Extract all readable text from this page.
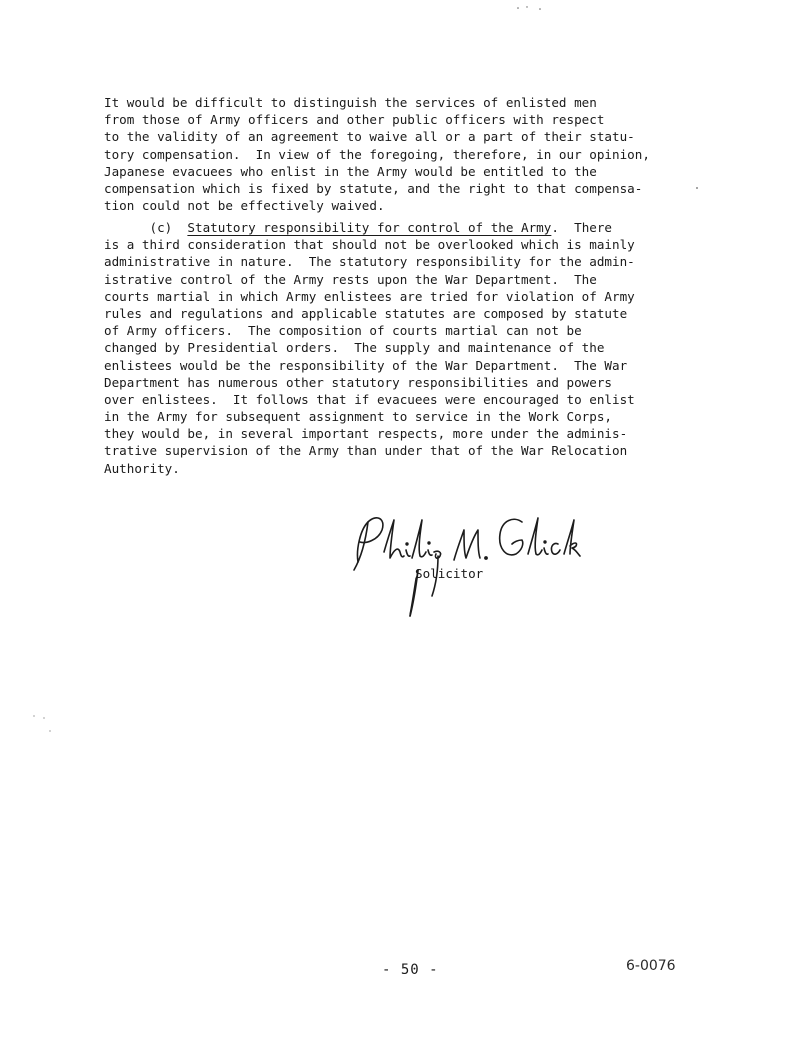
It would be difficult to distinguish the services of enlisted men
from those of Army officers and other public officers with respect
to the validity of an agreement to waive all or a part of their statu-
tory compensation.  In view of the foregoing, therefore, in our opinion,
Japanese evacuees who enlist in the Army would be entitled to the
compensation which is fixed by statute, and the right to that compensa-
tion could not be effectively waived.
(c)  Statutory responsibility for control of the Army.  There
is a third consideration that should not be overlooked which is mainly
administrative in nature.  The statutory responsibility for the admin-
istrative control of the Army rests upon the War Department.  The
courts martial in which Army enlistees are tried for violation of Army
rules and regulations and applicable statutes are composed by statute
of Army officers.  The composition of courts martial can not be
changed by Presidential orders.  The supply and maintenance of the
enlistees would be the responsibility of the War Department.  The War
Department has numerous other statutory responsibilities and powers
over enlistees.  It follows that if evacuees were encouraged to enlist
in the Army for subsequent assignment to service in the Work Corps,
they would be, in several important respects, more under the adminis-
trative supervision of the Army than under that of the War Relocation
Authority.
Solicitor
- 50 -	6-0076
